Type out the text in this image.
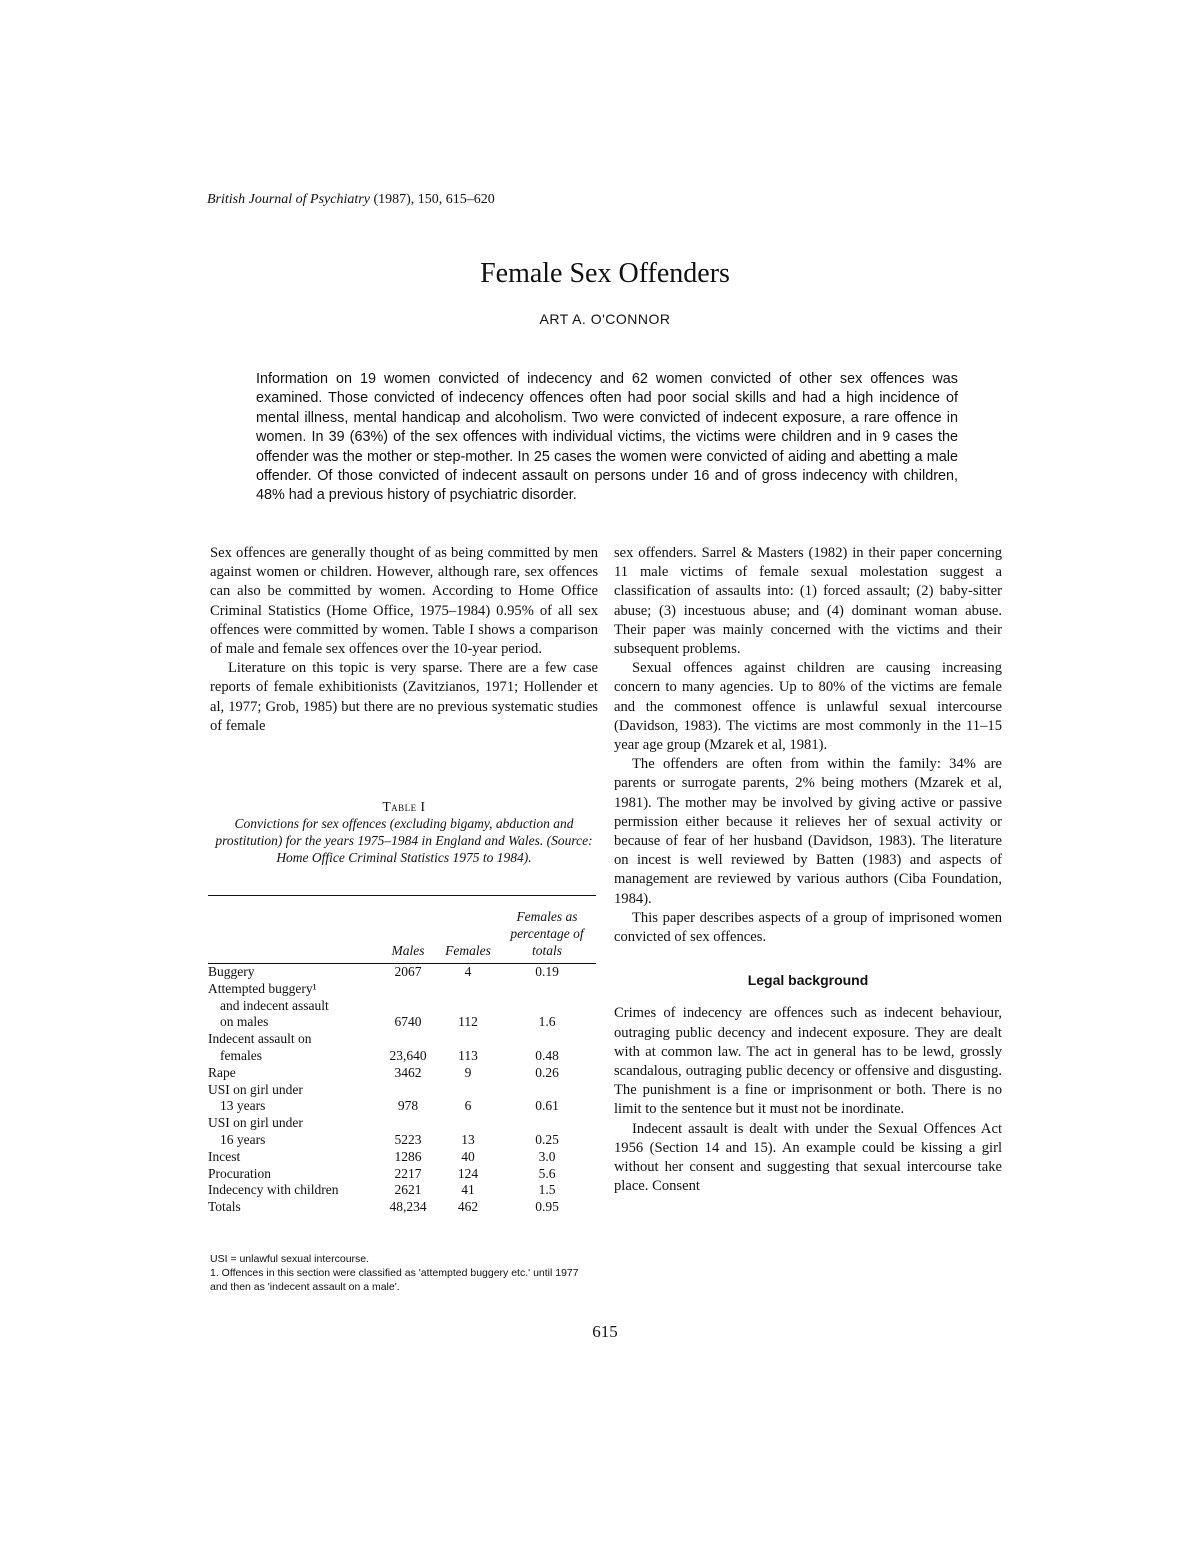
British Journal of Psychiatry (1987), 150, 615–620
Female Sex Offenders
ART A. O'CONNOR
Information on 19 women convicted of indecency and 62 women convicted of other sex offences was examined. Those convicted of indecency offences often had poor social skills and had a high incidence of mental illness, mental handicap and alcoholism. Two were convicted of indecent exposure, a rare offence in women. In 39 (63%) of the sex offences with individual victims, the victims were children and in 9 cases the offender was the mother or step-mother. In 25 cases the women were convicted of aiding and abetting a male offender. Of those convicted of indecent assault on persons under 16 and of gross indecency with children, 48% had a previous history of psychiatric disorder.

Sex offences are generally thought of as being committed by men against women or children. However, although rare, sex offences can also be committed by women. According to Home Office Criminal Statistics (Home Office, 1975–1984) 0.95% of all sex offences were committed by women. Table I shows a comparison of male and female sex offences over the 10-year period.

Literature on this topic is very sparse. There are a few case reports of female exhibitionists (Zavitzianos, 1971; Hollender et al, 1977; Grob, 1985) but there are no previous systematic studies of female

Table I
Convictions for sex offences (excluding bigamy, abduction and prostitution) for the years 1975–1984 in England and Wales. (Source: Home Office Criminal Statistics 1975 to 1984).
	Males	Females	Females as percentage of totals
Buggery	2067	4	0.19
Attempted buggery¹			
and indecent assault			
on males	6740	112	1.6
Indecent assault on			
females	23,640	113	0.48
Rape	3462	9	0.26
USI on girl under			
13 years	978	6	0.61
USI on girl under			
16 years	5223	13	0.25
Incest	1286	40	3.0
Procuration	2217	124	5.6
Indecency with children	2621	41	1.5
Totals	48,234	462	0.95
USI = unlawful sexual intercourse.
1. Offences in this section were classified as 'attempted buggery etc.' until 1977 and then as 'indecent assault on a male'.

sex offenders. Sarrel & Masters (1982) in their paper concerning 11 male victims of female sexual molestation suggest a classification of assaults into: (1) forced assault; (2) baby-sitter abuse; (3) incestuous abuse; and (4) dominant woman abuse. Their paper was mainly concerned with the victims and their subsequent problems.

Sexual offences against children are causing increasing concern to many agencies. Up to 80% of the victims are female and the commonest offence is unlawful sexual intercourse (Davidson, 1983). The victims are most commonly in the 11–15 year age group (Mzarek et al, 1981).

The offenders are often from within the family: 34% are parents or surrogate parents, 2% being mothers (Mzarek et al, 1981). The mother may be involved by giving active or passive permission either because it relieves her of sexual activity or because of fear of her husband (Davidson, 1983). The literature on incest is well reviewed by Batten (1983) and aspects of management are reviewed by various authors (Ciba Foundation, 1984).

This paper describes aspects of a group of imprisoned women convicted of sex offences.

Legal background

Crimes of indecency are offences such as indecent behaviour, outraging public decency and indecent exposure. They are dealt with at common law. The act in general has to be lewd, grossly scandalous, outraging public decency or offensive and disgusting. The punishment is a fine or imprisonment or both. There is no limit to the sentence but it must not be inordinate.

Indecent assault is dealt with under the Sexual Offences Act 1956 (Section 14 and 15). An example could be kissing a girl without her consent and suggesting that sexual intercourse take place. Consent

615
